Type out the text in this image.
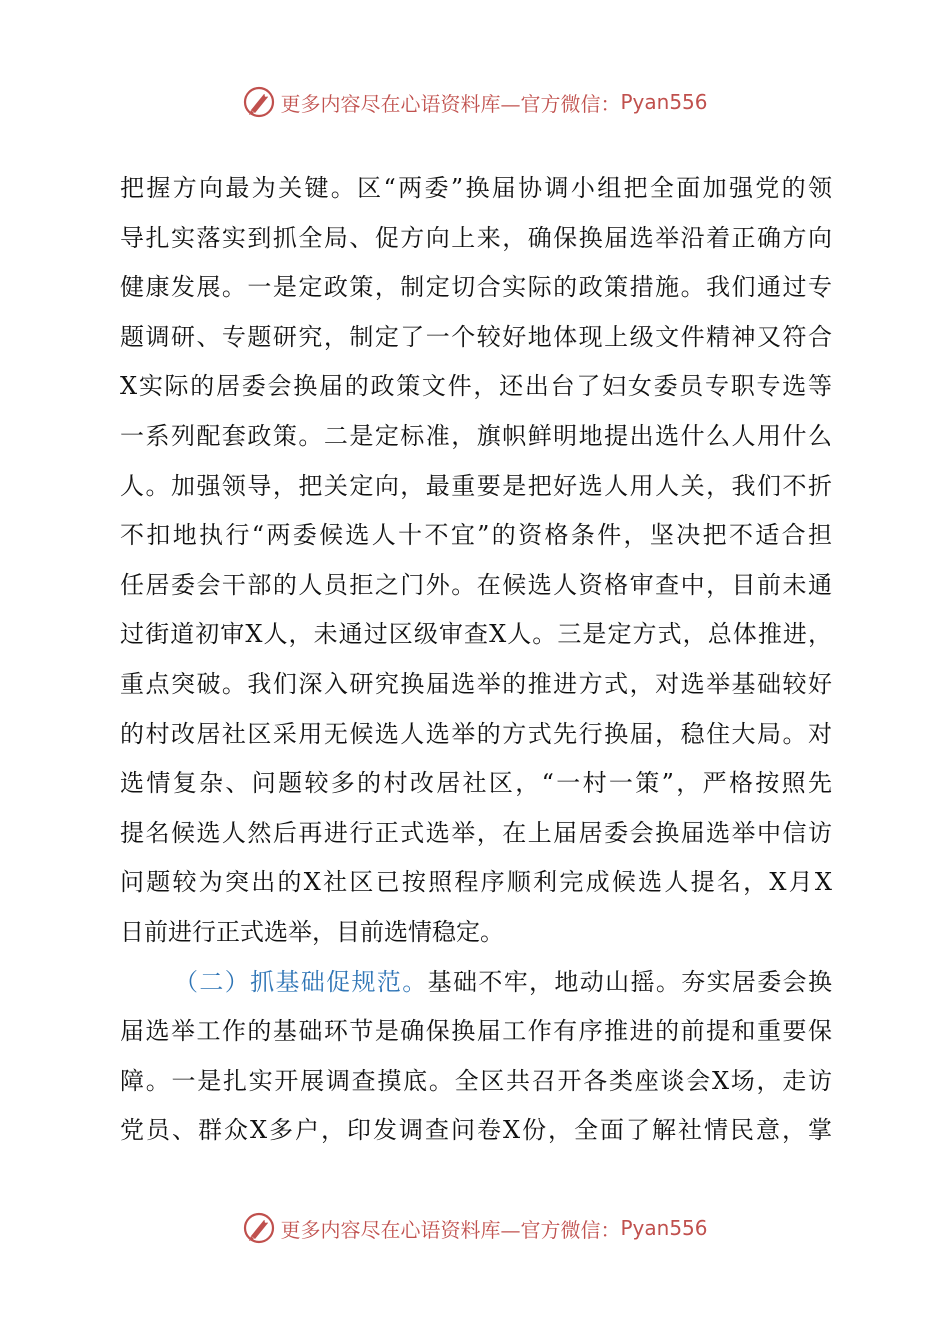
更多内容尽在心语资料库—官方微信： Pyan556
把握方向最为关键。区“两委”换届协调小组把全面加强党的领
导扎实落实到抓全局、促方向上来，确保换届选举沿着正确方向
健康发展。一是定政策，制定切合实际的政策措施。我们通过专
题调研、专题研究，制定了一个较好地体现上级文件精神又符合
X实际的居委会换届的政策文件，还出台了妇女委员专职专选等
一系列配套政策。二是定标准，旗帜鲜明地提出选什么人用什么
人。加强领导，把关定向，最重要是把好选人用人关，我们不折
不扣地执行“两委候选人十不宜”的资格条件，坚决把不适合担
任居委会干部的人员拒之门外。在候选人资格审查中，目前未通
过街道初审X人，未通过区级审查X人。三是定方式，总体推进，
重点突破。我们深入研究换届选举的推进方式，对选举基础较好
的村改居社区采用无候选人选举的方式先行换届，稳住大局。对
选情复杂、问题较多的村改居社区，“一村一策”，严格按照先
提名候选人然后再进行正式选举，在上届居委会换届选举中信访
问题较为突出的X社区已按照程序顺利完成候选人提名，X月X
日前进行正式选举，目前选情稳定。
（二）抓基础促规范。基础不牢，地动山摇。夯实居委会换
届选举工作的基础环节是确保换届工作有序推进的前提和重要保
障。一是扎实开展调查摸底。全区共召开各类座谈会X场，走访
党员、群众X多户，印发调查问卷X份，全面了解社情民意，掌
更多内容尽在心语资料库—官方微信： Pyan556
